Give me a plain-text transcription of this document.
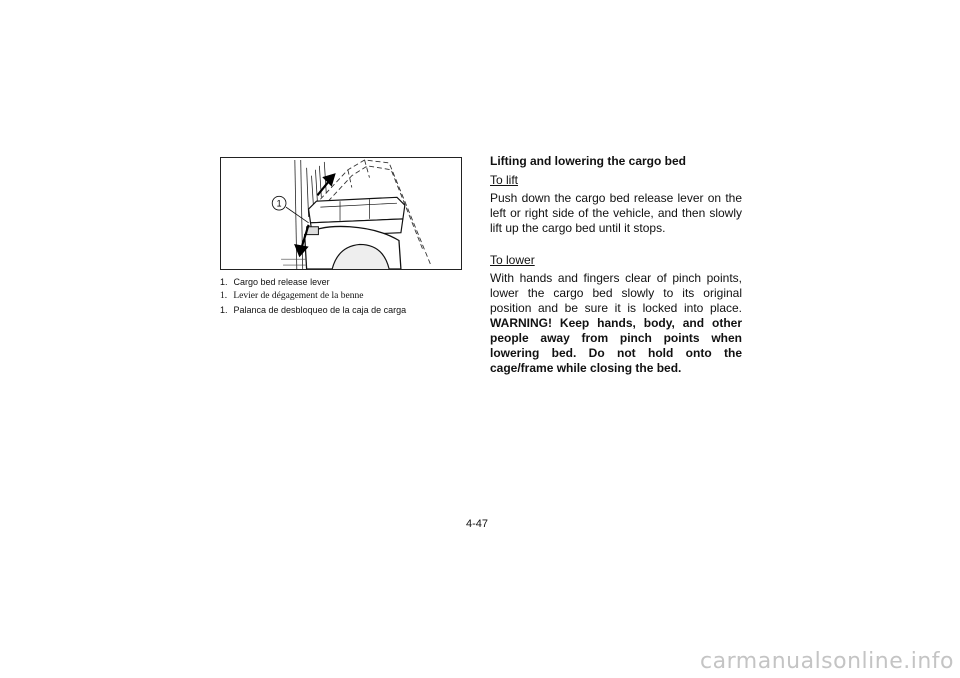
1

1. Cargo bed release lever

1. Levier de dégagement de la benne

1. Palanca de desbloqueo de la caja de carga

Lifting and lowering the cargo bed

To lift

Push down the cargo bed release lever on the left or right side of the vehicle, and then slowly lift up the cargo bed until it stops.

To lower

With hands and fingers clear of pinch points, lower the cargo bed slowly to its original position and be sure it is locked into place. WARNING! Keep hands, body, and other people away from pinch points when lowering bed. Do not hold onto the cage/frame while closing the bed.

4-47
carmanualsonline.info
